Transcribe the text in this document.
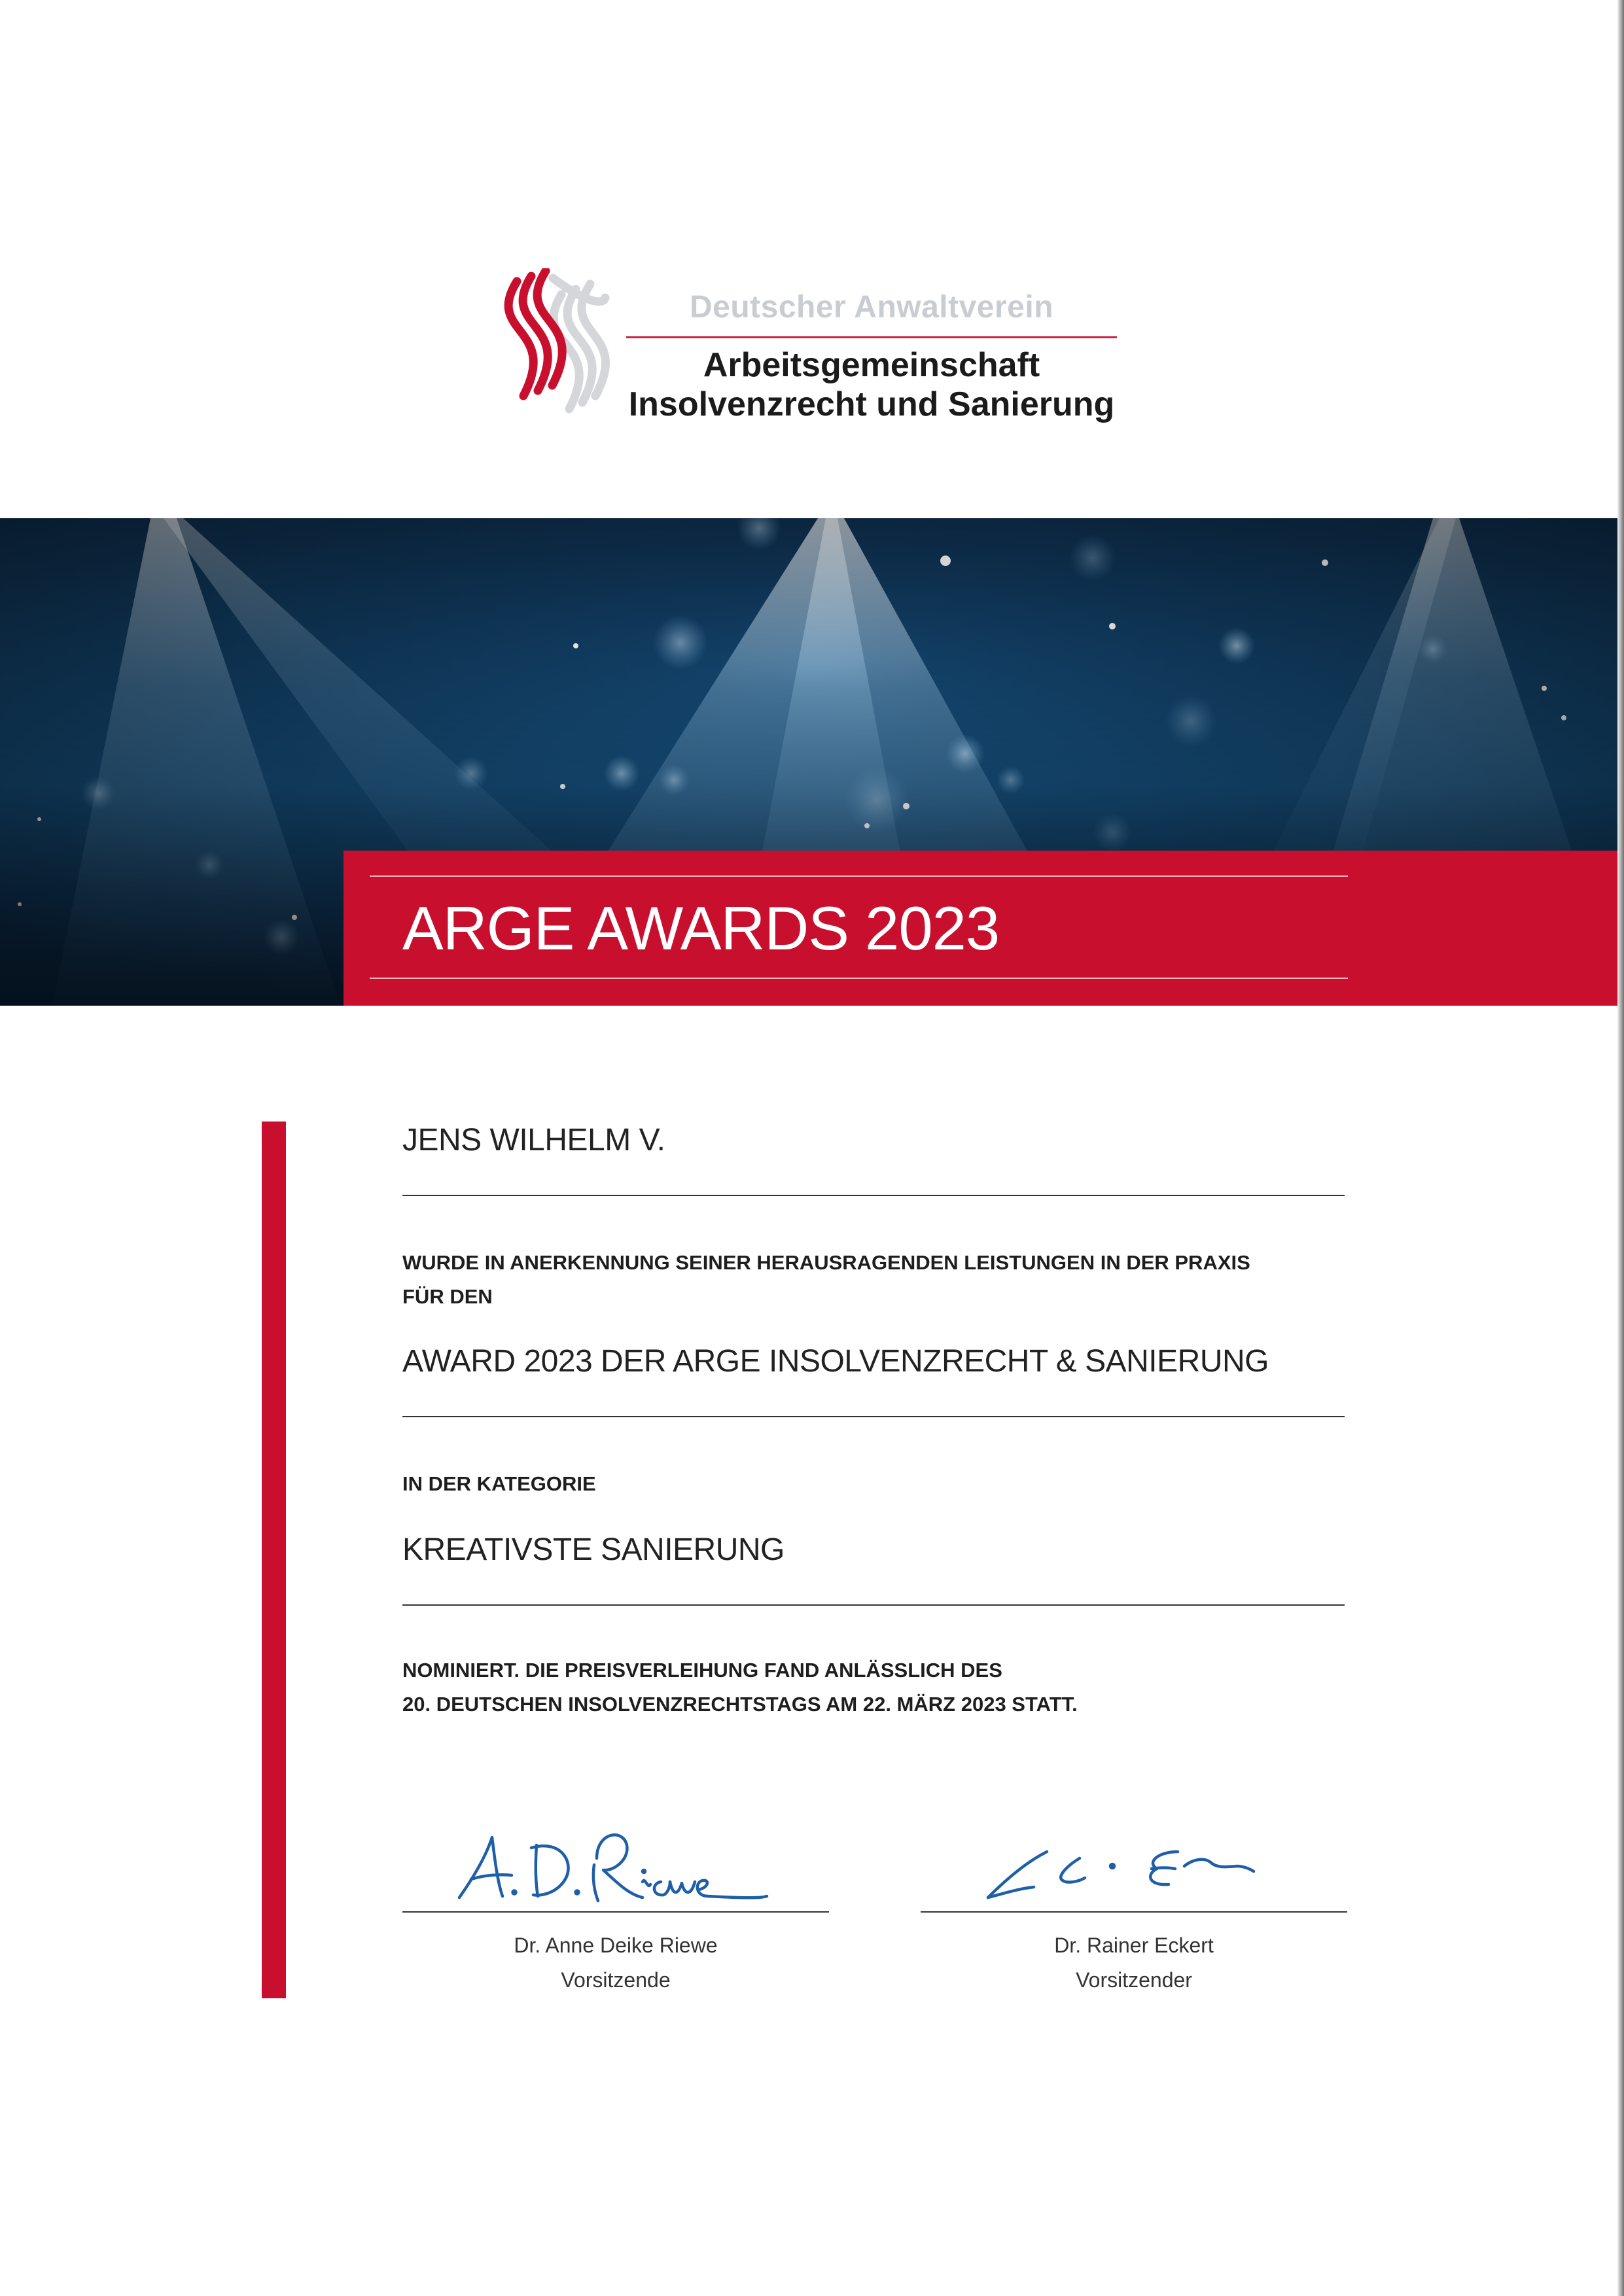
Deutscher Anwaltverein
Arbeitsgemeinschaft
Insolvenzrecht und Sanierung
ARGE AWARDS 2023
JENS WILHELM V.
WURDE IN ANERKENNUNG SEINER HERAUSRAGENDEN LEISTUNGEN IN DER PRAXIS
FÜR DEN
AWARD 2023 DER ARGE INSOLVENZRECHT & SANIERUNG
IN DER KATEGORIE
KREATIVSTE SANIERUNG
NOMINIERT. DIE PREISVERLEIHUNG FAND ANLÄSSLICH DES
20. DEUTSCHEN INSOLVENZRECHTSTAGS AM 22. MÄRZ 2023 STATT.
Dr. Anne Deike Riewe
Vorsitzende
Dr. Rainer Eckert
Vorsitzender
